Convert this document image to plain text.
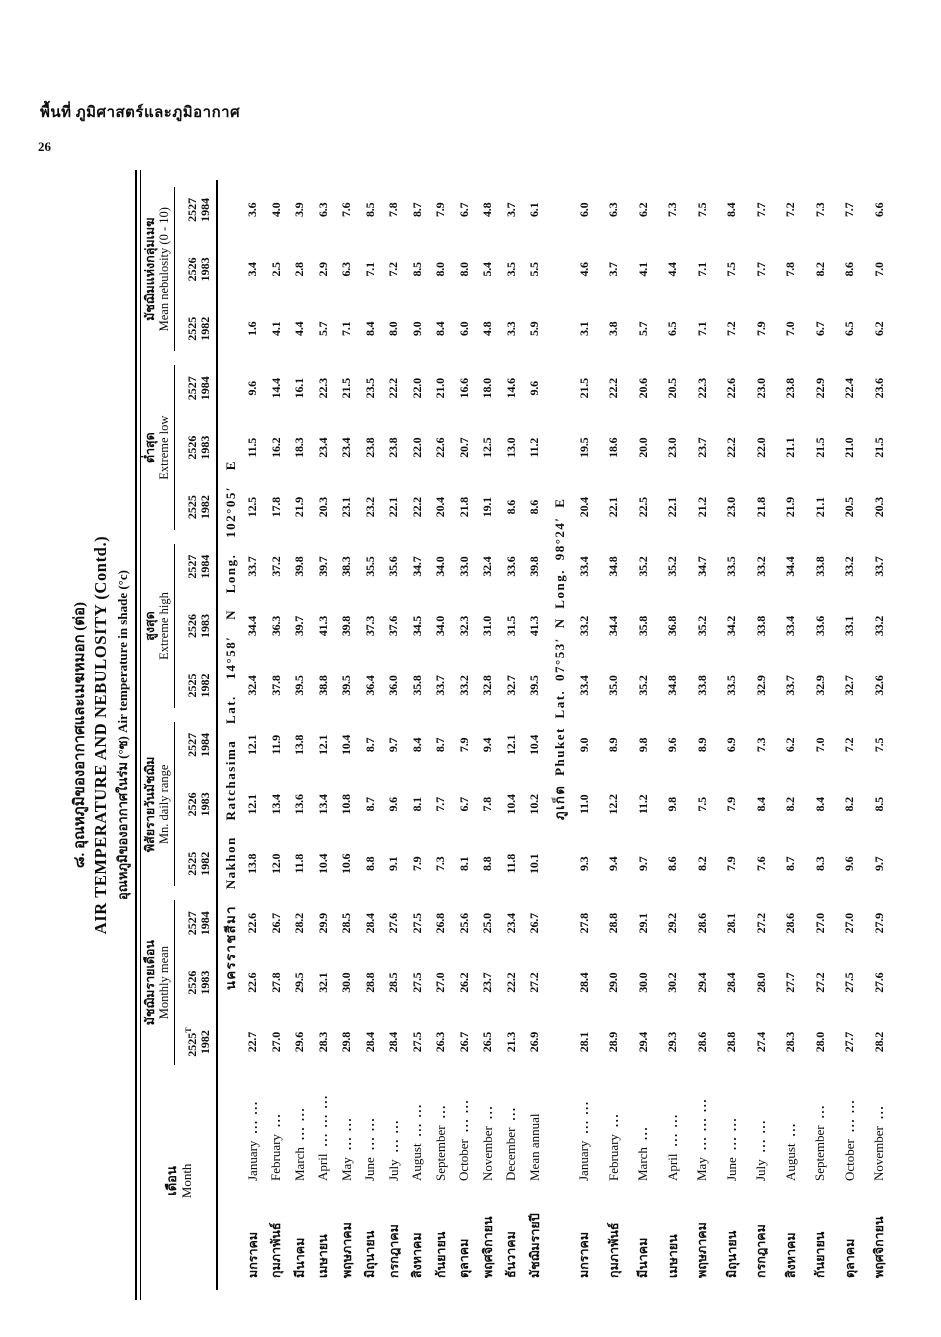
พื้นที่ ภูมิศาสตร์และภูมิอากาศ
26
๘. อุณหภูมิของอากาศและเมฆหมอก (ต่อ) AIR TEMPERATURE AND NEBULOSITY (Contd.) อุณหภูมิของอากาศในร่ม (°ซ) Air temperature in shade (°c)
เดือน Month

มัชฌิมรายเดือน Monthly mean

พิสัยรายวันมัชฌิม Mn. daily range

สูงสุด Extreme high

ต่ำสุด Extreme low

มัชฌิมแห่งกลุ่มเมฆ Mean nebulosity (0 - 10)

$2525^T$ 1982

2526 1983

2527 1984

2525 1982

2526 1983

2527 1984

2525 1982

2526 1983

2527 1984

2525 1982

2526 1983

2527 1984

2525 1982

2526 1983

2527 1984

นครราชสีมา Nakhon Ratchasima Lat. 14°58′ N Long. 102°05′ E															
มกราคมJanuary... ...	22.7	22.6	22.6	13.8	12.1	12.1	32.4	34.4	33.7	12.5	11.5	9.6	1.6	3.4	3.6
กุมภาพันธ์February...	27.0	27.8	26.7	12.0	13.4	11.9	37.8	36.3	37.2	17.8	16.2	14.4	4.1	2.5	4.0
มีนาคมMarch... ...	29.6	29.5	28.2	11.8	13.6	13.8	39.5	39.7	39.8	21.9	18.3	16.1	4.4	2.8	3.9
เมษายนApril... ... ...	28.3	32.1	29.9	10.4	13.4	12.1	38.8	41.3	39.7	20.3	23.4	22.3	5.7	2.9	6.3
พฤษภาคมMay... ...	29.8	30.0	28.5	10.6	10.8	10.4	39.5	39.8	38.3	23.1	23.4	21.5	7.1	6.3	7.6
มิถุนายนJune... ...	28.4	28.8	28.4	8.8	8.7	8.7	36.4	37.3	35.5	23.2	23.8	23.5	8.4	7.1	8.5
กรกฎาคมJuly... ...	28.4	28.5	27.6	9.1	9.6	9.7	36.0	37.6	35.6	22.1	23.8	22.2	8.0	7.2	7.8
สิงหาคมAugust... ...	27.5	27.5	27.5	7.9	8.1	8.4	35.8	34.5	34.7	22.2	22.0	22.0	9.0	8.5	8.7
กันยายนSeptember...	26.3	27.0	26.8	7.3	7.7	8.7	33.7	34.0	34.0	20.4	22.6	21.0	8.4	8.0	7.9
ตุลาคมOctober... ...	26.7	26.2	25.6	8.1	6.7	7.9	33.2	32.3	33.0	21.8	20.7	16.6	6.0	8.0	6.7
พฤศจิกายนNovember...	26.5	23.7	25.0	8.8	7.8	9.4	32.8	31.0	32.4	19.1	12.5	18.0	4.8	5.4	4.8
ธันวาคมDecember...	21.3	22.2	23.4	11.8	10.4	12.1	32.7	31.5	33.6	8.6	13.0	14.6	3.3	3.5	3.7
มัชฌิมรายปีMean annual	26.9	27.2	26.7	10.1	10.2	10.4	39.5	41.3	39.8	8.6	11.2	9.6	5.9	5.5	6.1
ภูเก็ต Phuket Lat. 07°53′ N Long. 98°24′ E															
มกราคมJanuary... ...	28.1	28.4	27.8	9.3	11.0	9.0	33.4	33.2	33.4	20.4	19.5	21.5	3.1	4.6	6.0
กุมภาพันธ์February...	28.9	29.0	28.8	9.4	12.2	8.9	35.0	34.4	34.8	22.1	18.6	22.2	3.8	3.7	6.3
มีนาคมMarch...	29.4	30.0	29.1	9.7	11.2	9.8	35.2	35.8	35.2	22.5	20.0	20.6	5.7	4.1	6.2
เมษายนApril... ...	29.3	30.2	29.2	8.6	9.8	9.6	34.8	36.8	35.2	22.1	23.0	20.5	6.5	4.4	7.3
พฤษภาคมMay... ... ...	28.6	29.4	28.6	8.2	7.5	8.9	33.8	35.2	34.7	21.2	23.7	22.3	7.1	7.1	7.5
มิถุนายนJune... ...	28.8	28.4	28.1	7.9	7.9	6.9	33.5	34.2	33.5	23.0	22.2	22.6	7.2	7.5	8.4
กรกฎาคมJuly... ...	27.4	28.0	27.2	7.6	8.4	7.3	32.9	33.8	33.2	21.8	22.0	23.0	7.9	7.7	7.7
สิงหาคมAugust...	28.3	27.7	28.6	8.7	8.2	6.2	33.7	33.4	34.4	21.9	21.1	23.8	7.0	7.8	7.2
กันยายนSeptember...	28.0	27.2	27.0	8.3	8.4	7.0	32.9	33.6	33.8	21.1	21.5	22.9	6.7	8.2	7.3
ตุลาคมOctober... ...	27.7	27.5	27.0	9.6	8.2	7.2	32.7	33.1	33.2	20.5	21.0	22.4	6.5	8.6	7.7
พฤศจิกายนNovember...	28.2	27.6	27.9	9.7	8.5	7.5	32.6	33.2	33.7	20.3	21.5	23.6	6.2	7.0	6.6
